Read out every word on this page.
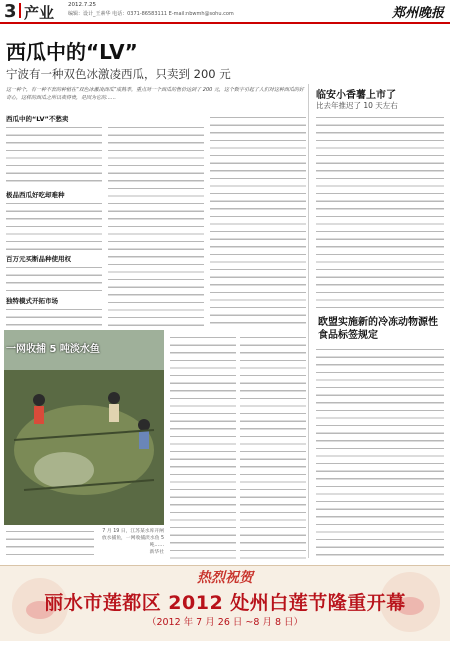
3 产业	2012.7.25
编辑：设计_王素华 电话：0371-86583111 E-mail:nbwmh@sohu.com	郑州晚报
西瓜中的“LV”
宁波有一种双色冰激凌西瓜，只卖到 200 元
这一种个，有一种不套的种植在“双色冰激凌西瓜”成熟季，重点对一个西瓜的售价达到了 200 元，这个数字引起了人们对这种西瓜的好奇心，这样的西瓜之所以卖得贵，是因为它的……
西瓜中的“LV”不愁卖
极品西瓜好吃却难种
百万元买断品种使用权
独特模式开拓市场
临安小香薯上市了
比去年推迟了 10 天左右
欧盟实施新的冷冻动物源性食品标签规定
一网收捕 5 吨淡水鱼
7 月 19 日，江苏某水库开闸放水捕鱼，一网收捕淡水鱼 5 吨……
新华社
热烈祝贺
丽水市莲都区 2012 处州白莲节隆重开幕
（2012 年 7 月 26 日 ~8 月 8 日）
